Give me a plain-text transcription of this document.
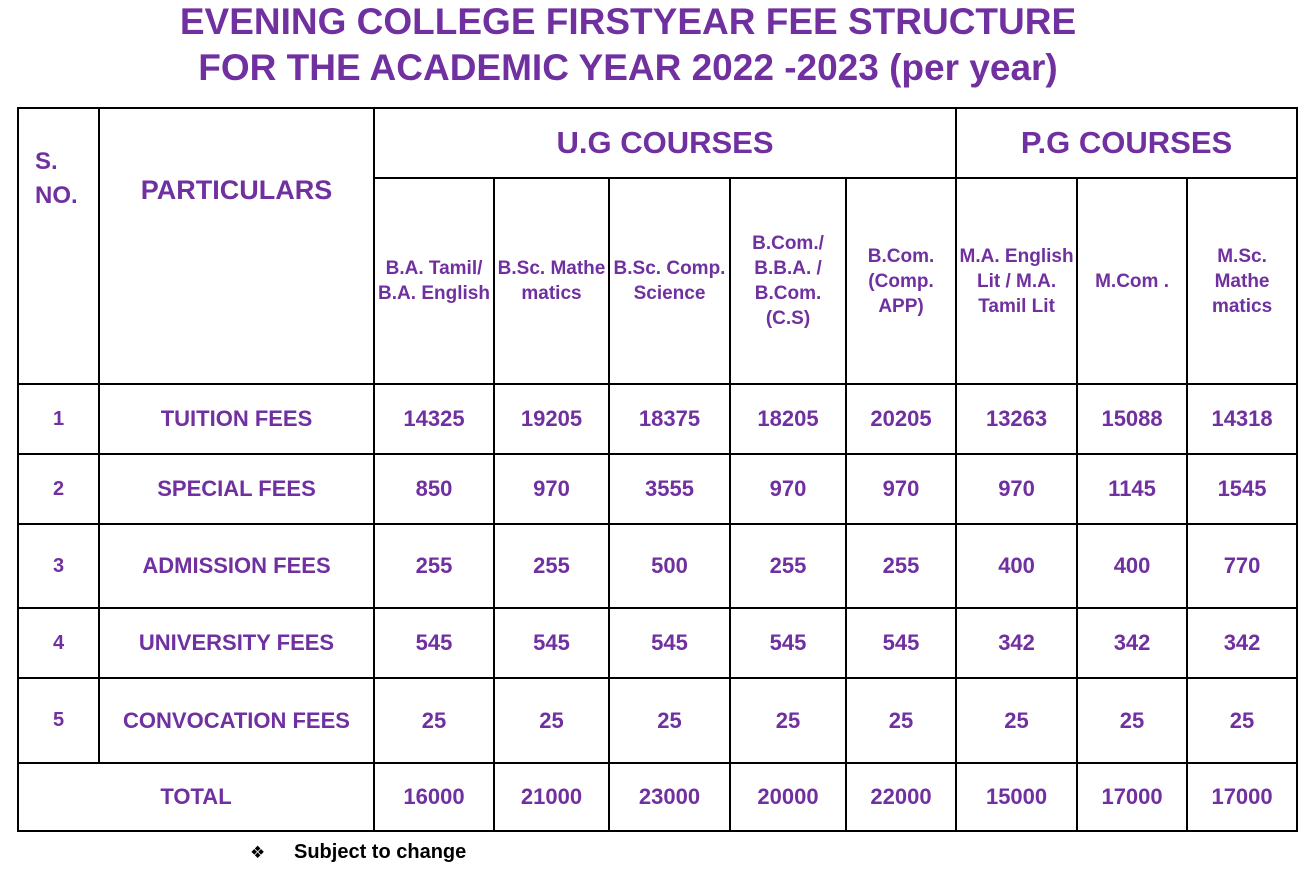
EVENING COLLEGE FIRSTYEAR FEE STRUCTURE
FOR THE ACADEMIC YEAR 2022 -2023 (per year)
S. NO.	PARTICULARS	U.G COURSES					P.G COURSES		
		B.A. Tamil/ B.A. English	B.Sc. Mathe matics	B.Sc. Comp. Science	B.Com./ B.B.A. / B.Com. (C.S)	B.Com. (Comp. APP)	M.A. English Lit / M.A. Tamil Lit	M.Com .	M.Sc. Mathe matics
1	TUITION FEES	14325	19205	18375	18205	20205	13263	15088	14318
2	SPECIAL FEES	850	970	3555	970	970	970	1145	1545
3	ADMISSION FEES	255	255	500	255	255	400	400	770
4	UNIVERSITY FEES	545	545	545	545	545	342	342	342
5	CONVOCATION FEES	25	25	25	25	25	25	25	25
TOTAL		16000	21000	23000	20000	22000	15000	17000	17000
❖ Subject to change
